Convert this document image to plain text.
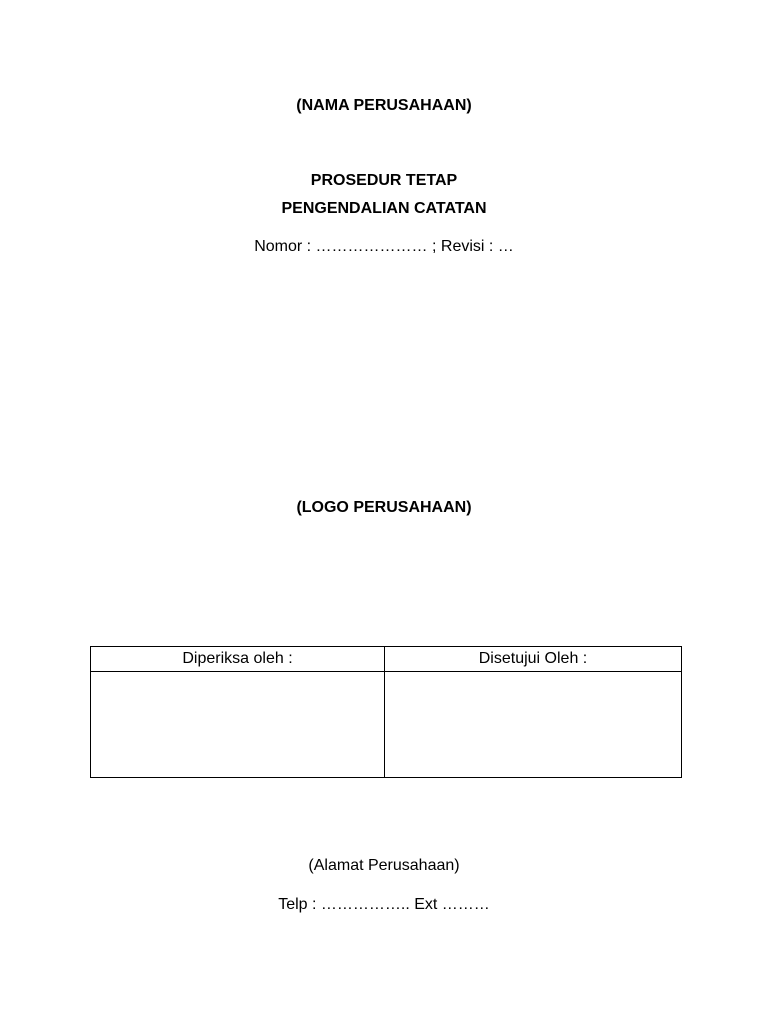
(NAMA PERUSAHAAN)
PROSEDUR TETAP
PENGENDALIAN CATATAN
Nomor : ………………… ; Revisi : …
(LOGO PERUSAHAAN)
Diperiksa oleh :	Disetujui Oleh :

(Alamat Perusahaan)
Telp : …………….. Ext ………
